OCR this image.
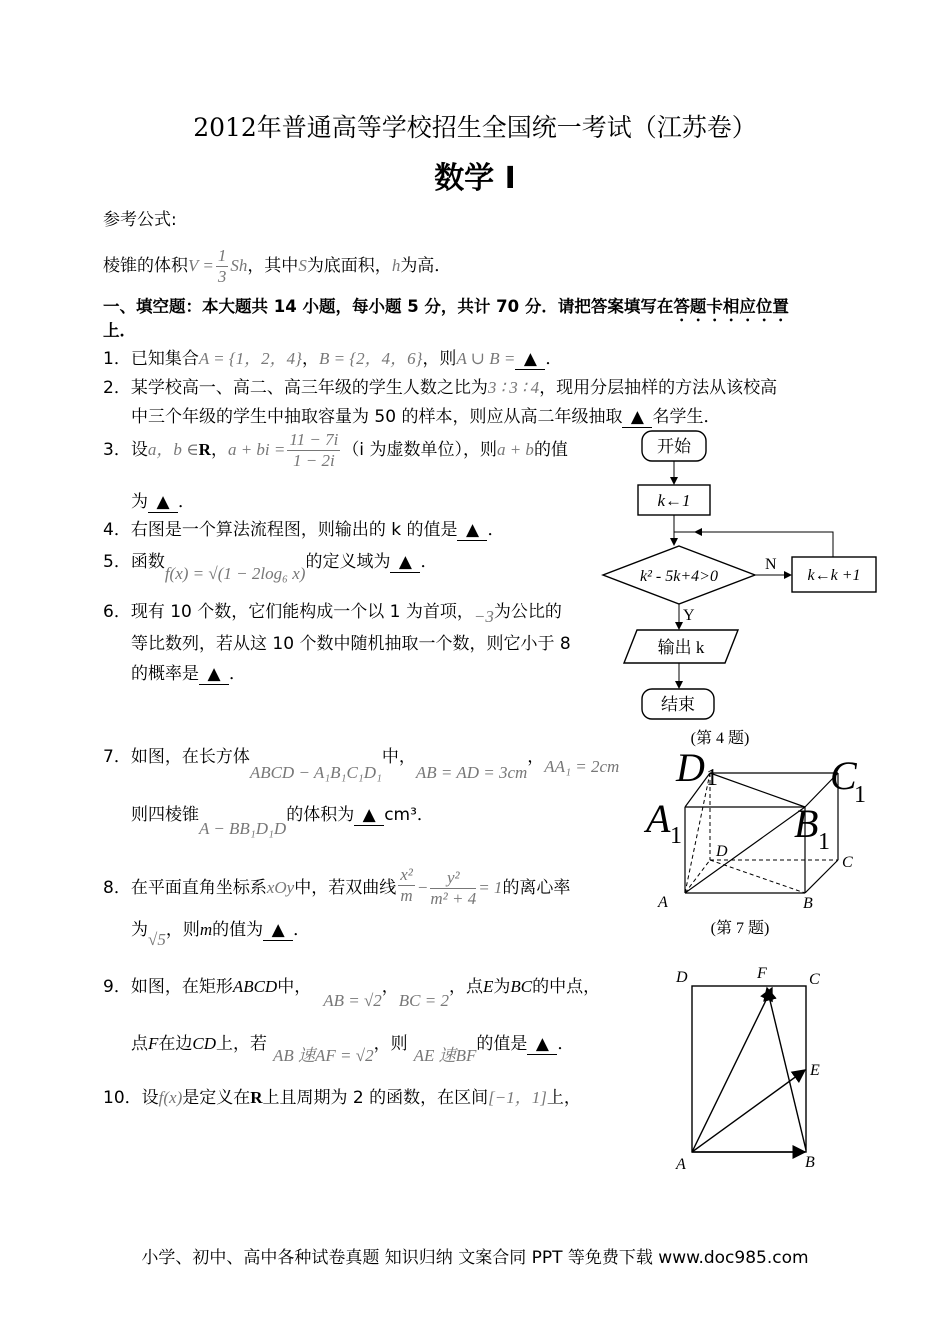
2012年普通高等学校招生全国统一考试（江苏卷）
数学 I
参考公式:
棱锥的体积$V = \frac{1}{3}$ Sh，其中S为底面积，h为高．
一、填空题：本大题共 14 小题，每小题 5 分，共计 70 分．请把答案填写在答题卡相应位置
上．
1．已知集合A = {1，2，4}，B = {2，4，6}，则A ∪ B = ▲ ．
2．某学校高一、高二、高三年级的学生人数之比为3 ∶ 3 ∶ 4，现用分层抽样的方法从该校高
中三个年级的学生中抽取容量为 50 的样本，则应从高二年级抽取 ▲ 名学生．
3．设a，b ∈R，a + bi = $\frac{11 - 7i}{1 - 2i} (i$ 为虚数单位），则a + b的值
为 ▲ ．
4．右图是一个算法流程图，则输出的 k 的值是 ▲ ．
5．函数f(x) = √(1 − 2log₆ x)的定义域为 ▲ ．
6．现有 10 个数，它们能构成一个以 1 为首项，−3为公比的
等比数列，若从这 10 个数中随机抽取一个数，则它小于 8
的概率是 ▲ ．
7．如图，在长方体ABCD − A₁B₁C₁D₁中，AB = AD = 3cm，AA₁ = 2cm
则四棱锥A − BB₁D₁D的体积为 ▲ cm³．
8．在平面直角坐标系xOy中，若双曲线 $\frac{\text{x²}}{m} - \frac{\text{y²}}{\text{m² + 4}} = 1$的离心率
为√5，则m的值为 ▲ ．
9．如图，在矩形ABCD中，AB = √2，BC = 2，点E为BC的中点，
点F在边CD上，若AB 速AF = √2，则AE 速BF的值是 ▲ ．
10．设f(x)是定义在R上且周期为 2 的函数，在区间[−1，1]上，
开始
k←1
k² - 5k+4>0
N
k←k +1
Y
输出 k
结束
(第 4 题)
D 1	C
1
A 1	B 1
D
C
A	B
(第 7 题)
D	F	C
E
A	B
小学、初中、高中各种试卷真题 知识归纳 文案合同 PPT 等免费下载 www.doc985.com
